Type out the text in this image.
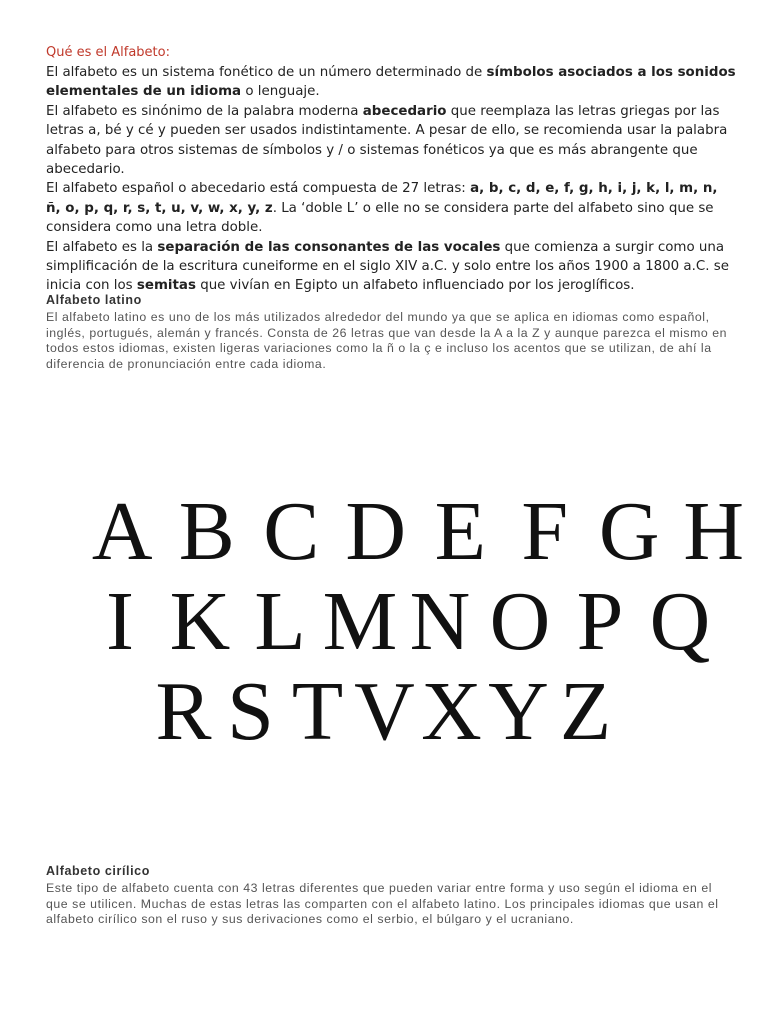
Qué es el Alfabeto:

El alfabeto es un sistema fonético de un número determinado de símbolos asociados a los sonidos elementales de un idioma o lenguaje.

El alfabeto es sinónimo de la palabra moderna abecedario que reemplaza las letras griegas por las letras a, bé y cé y pueden ser usados indistintamente. A pesar de ello, se recomienda usar la palabra alfabeto para otros sistemas de símbolos y / o sistemas fonéticos ya que es más abrangente que abecedario.

El alfabeto español o abecedario está compuesta de 27 letras: a, b, c, d, e, f, g, h, i, j, k, l, m, n, ñ, o, p, q, r, s, t, u, v, w, x, y, z. La ‘doble L’ o elle no se considera parte del alfabeto sino que se considera como una letra doble.

El alfabeto es la separación de las consonantes de las vocales que comienza a surgir como una simplificación de la escritura cuneiforme en el siglo XIV a.C. y solo entre los años 1900 a 1800 a.C. se inicia con los semitas que vivían en Egipto un alfabeto influenciado por los jeroglíficos.

Alfabeto latino

El alfabeto latino es uno de los más utilizados alrededor del mundo ya que se aplica en idiomas como español, inglés, portugués, alemán y francés. Consta de 26 letras que van desde la A a la Z y aunque parezca el mismo en todos estos idiomas, existen ligeras variaciones como la ñ o la ç e incluso los acentos que se utilizan, de ahí la diferencia de pronunciación entre cada idioma.

A B C D E F G H
I K L M N O P Q
R S T VXY Z

Alfabeto cirílico

Este tipo de alfabeto cuenta con 43 letras diferentes que pueden variar entre forma y uso según el idioma en el que se utilicen. Muchas de estas letras las comparten con el alfabeto latino. Los principales idiomas que usan el alfabeto cirílico son el ruso y sus derivaciones como el serbio, el búlgaro y el ucraniano.
